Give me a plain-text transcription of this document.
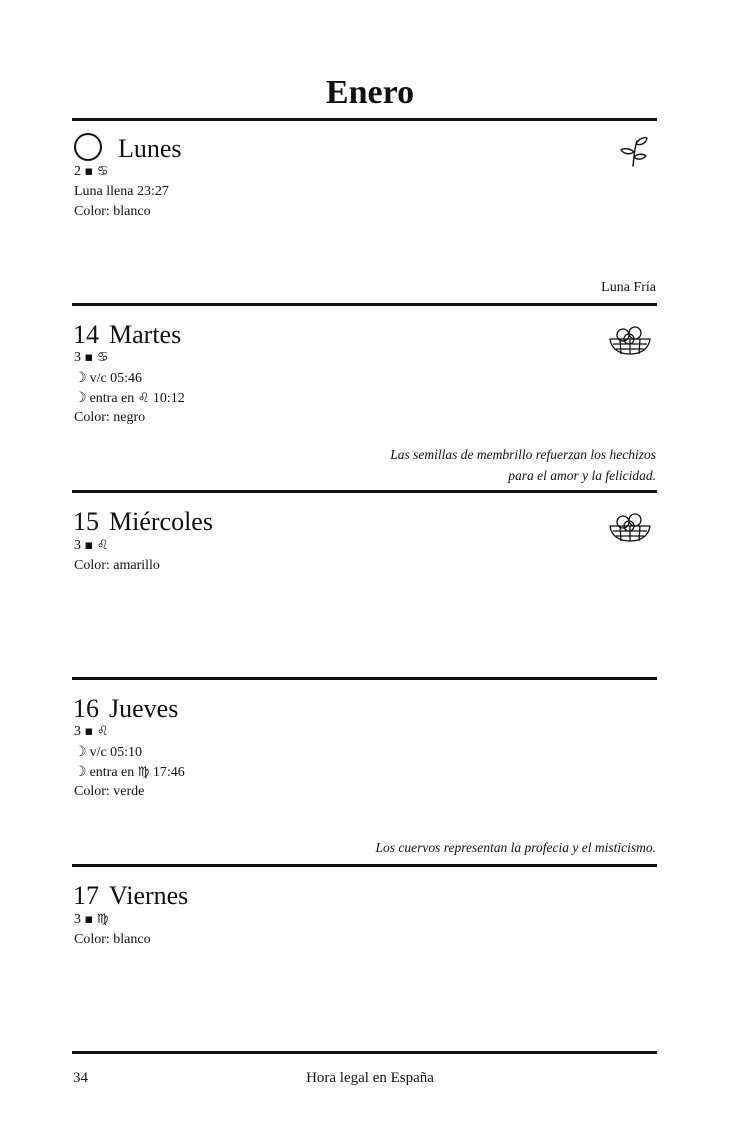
Enero
Lunes
2 ▪ ♋
Luna llena 23:27
Color: blanco
Luna Fría
14 Martes
3 ▪ ♋
☽ v/c 05:46
☽ entra en ♌ 10:12
Color: negro
Las semillas de membrillo refuerzan los hechizos
para el amor y la felicidad.
15 Miércoles
3 ▪ ♌
Color: amarillo
16 Jueves
3 ▪ ♌
☽ v/c 05:10
☽ entra en ♍ 17:46
Color: verde
Los cuervos representan la profecia y el misticismo.
17 Viernes
3 ▪ ♍
Color: blanco
34	Hora legal en España
